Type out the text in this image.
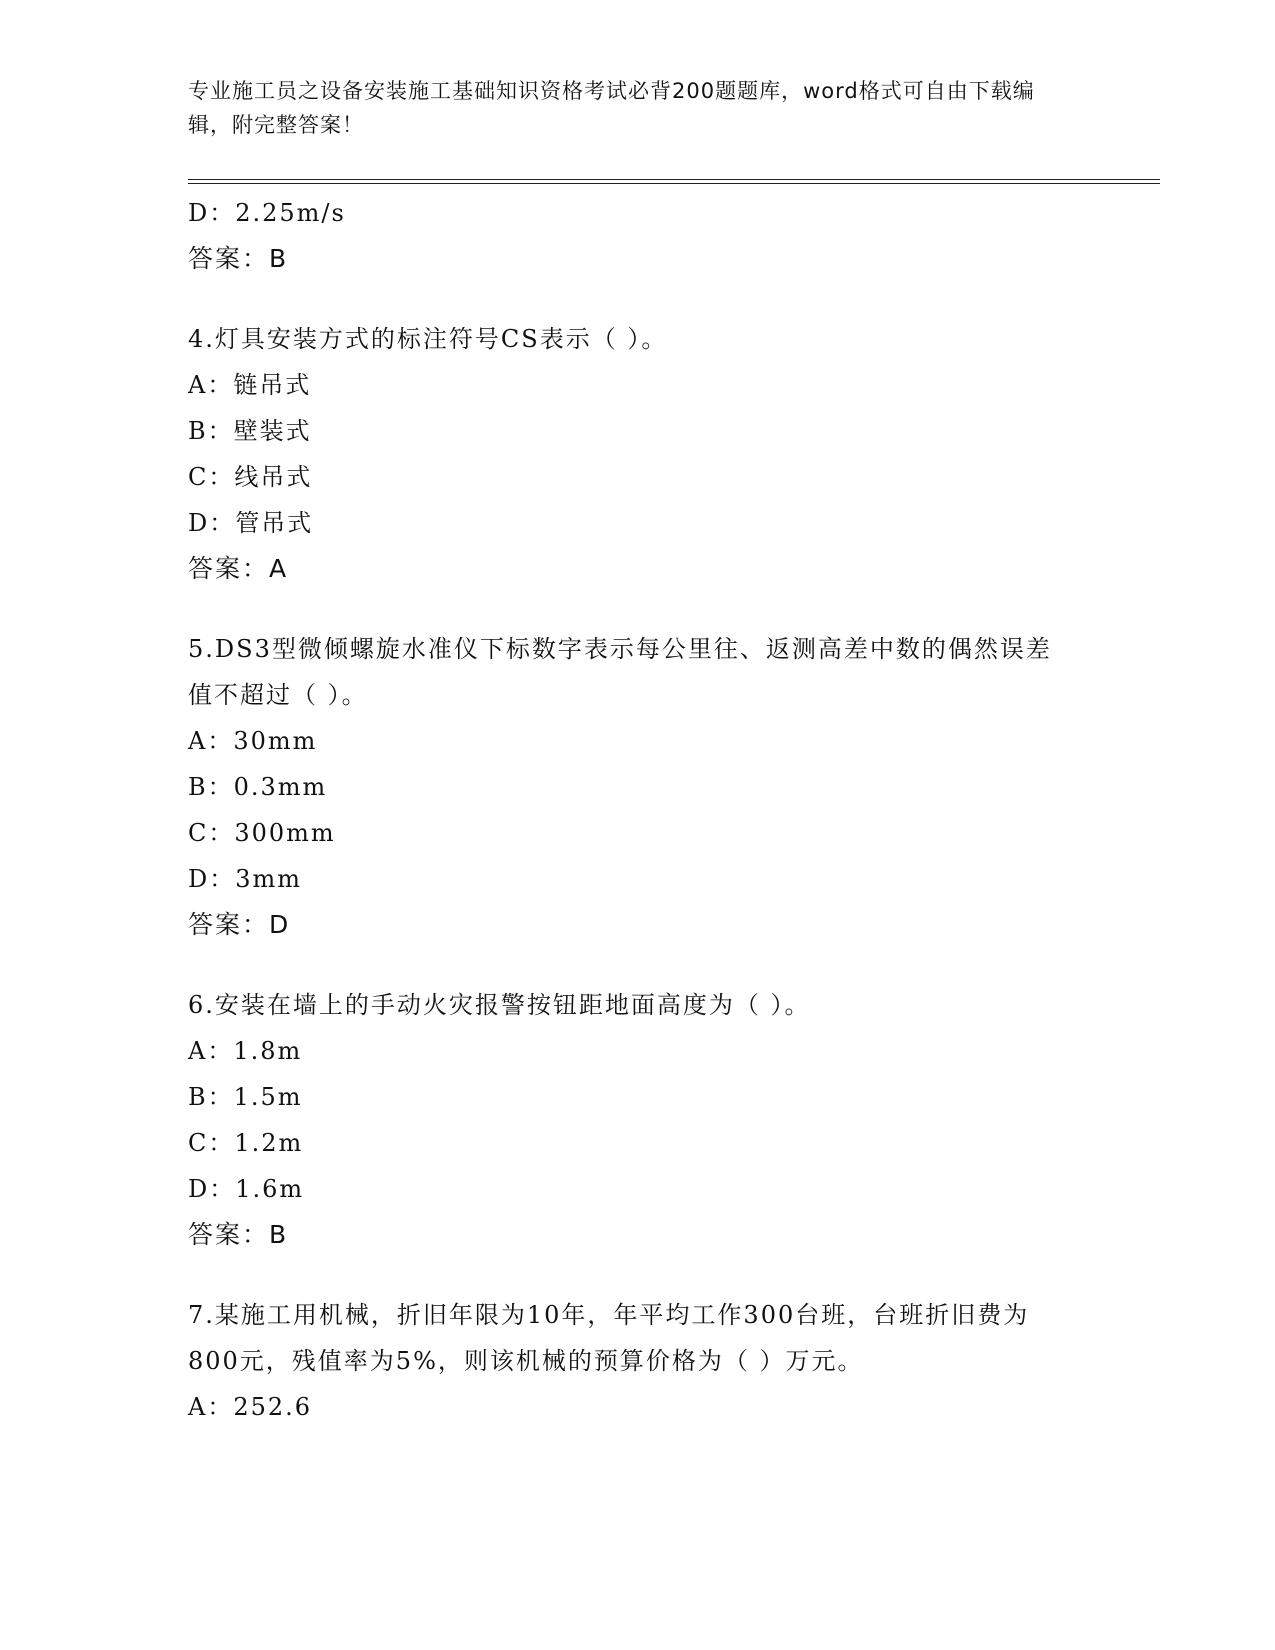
专业施工员之设备安装施工基础知识资格考试必背200题题库，word格式可自由下载编辑，附完整答案！
D：2.25m/s
答案：B
4.灯具安装方式的标注符号CS表示（ ）。
A：链吊式
B：壁装式
C：线吊式
D：管吊式
答案：A
5.DS3型微倾螺旋水准仪下标数字表示每公里往、返测高差中数的偶然误差值不超过（ ）。
A：30mm
B：0.3mm
C：300mm
D：3mm
答案：D
6.安装在墙上的手动火灾报警按钮距地面高度为（ ）。
A：1.8m
B：1.5m
C：1.2m
D：1.6m
答案：B
7.某施工用机械，折旧年限为10年，年平均工作300台班，台班折旧费为800元，残值率为5%，则该机械的预算价格为（ ）万元。
A：252.6
